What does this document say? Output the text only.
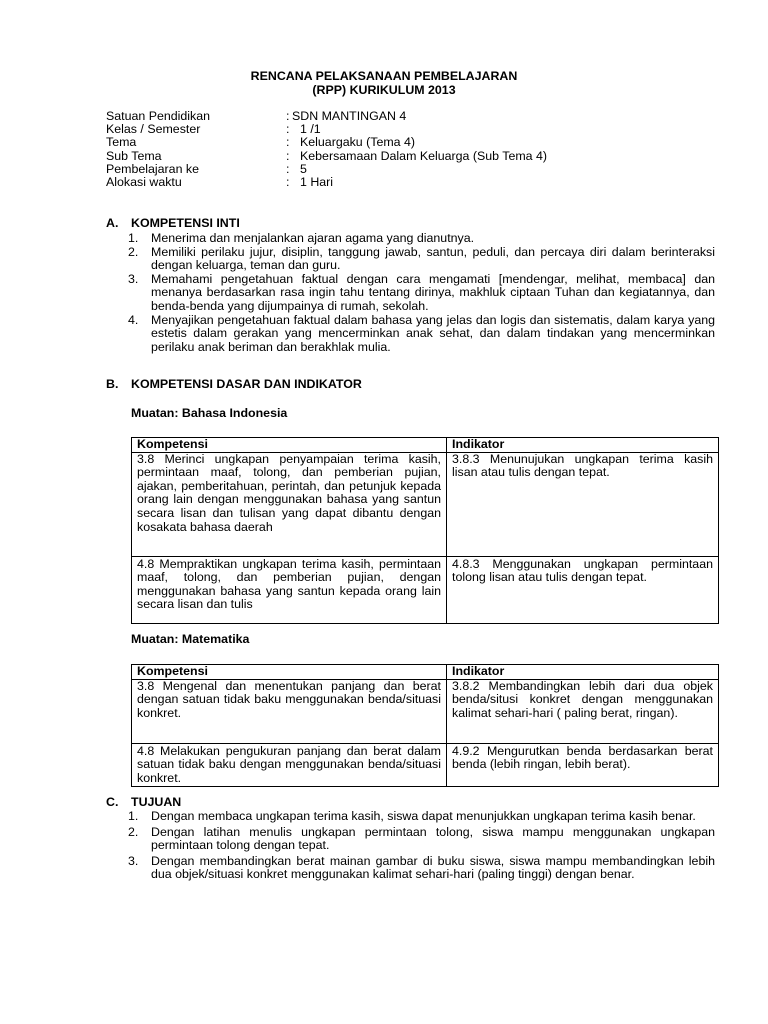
RENCANA PELAKSANAAN PEMBELAJARAN
(RPP) KURIKULUM 2013
Satuan Pendidikan	: SDN MANTINGAN 4
Kelas / Semester	: 1 /1
Tema	: Keluargaku (Tema 4)
Sub Tema	: Kebersamaan Dalam Keluarga (Sub Tema 4)
Pembelajaran ke	: 5
Alokasi waktu	: 1 Hari
A. KOMPETENSI INTI
1. Menerima dan menjalankan ajaran agama yang dianutnya.
2. Memiliki perilaku jujur, disiplin, tanggung jawab, santun, peduli, dan percaya diri dalam berinteraksi dengan keluarga, teman dan guru.
3. Memahami pengetahuan faktual dengan cara mengamati [mendengar, melihat, membaca] dan menanya berdasarkan rasa ingin tahu tentang dirinya, makhluk ciptaan Tuhan dan kegiatannya, dan benda-benda yang dijumpainya di rumah, sekolah.
4. Menyajikan pengetahuan faktual dalam bahasa yang jelas dan logis dan sistematis, dalam karya yang estetis dalam gerakan yang mencerminkan anak sehat, dan dalam tindakan yang mencerminkan perilaku anak beriman dan berakhlak mulia.
B. KOMPETENSI DASAR DAN INDIKATOR
Muatan: Bahasa Indonesia
Kompetensi	Indikator
3.8 Merinci ungkapan penyampaian terima kasih, permintaan maaf, tolong, dan pemberian pujian, ajakan, pemberitahuan, perintah, dan petunjuk kepada orang lain dengan menggunakan bahasa yang santun secara lisan dan tulisan yang dapat dibantu dengan kosakata bahasa daerah	3.8.3 Menunujukan ungkapan terima kasih lisan atau tulis dengan tepat.
4.8 Mempraktikan ungkapan terima kasih, permintaan maaf, tolong, dan pemberian pujian, dengan menggunakan bahasa yang santun kepada orang lain secara lisan dan tulis	4.8.3 Menggunakan ungkapan permintaan tolong lisan atau tulis dengan tepat.
Muatan: Matematika
Kompetensi	Indikator
3.8 Mengenal dan menentukan panjang dan berat dengan satuan tidak baku menggunakan benda/situasi konkret.	3.8.2 Membandingkan lebih dari dua objek benda/situsi konkret dengan menggunakan kalimat sehari-hari ( paling berat, ringan).
4.8 Melakukan pengukuran panjang dan berat dalam satuan tidak baku dengan menggunakan benda/situasi konkret.	4.9.2 Mengurutkan benda berdasarkan berat benda (lebih ringan, lebih berat).
C. TUJUAN
1. Dengan membaca ungkapan terima kasih, siswa dapat menunjukkan ungkapan terima kasih benar.
2. Dengan latihan menulis ungkapan permintaan tolong, siswa mampu menggunakan ungkapan permintaan tolong dengan tepat.
3. Dengan membandingkan berat mainan gambar di buku siswa, siswa mampu membandingkan lebih dua objek/situasi konkret menggunakan kalimat sehari-hari (paling tinggi) dengan benar.
